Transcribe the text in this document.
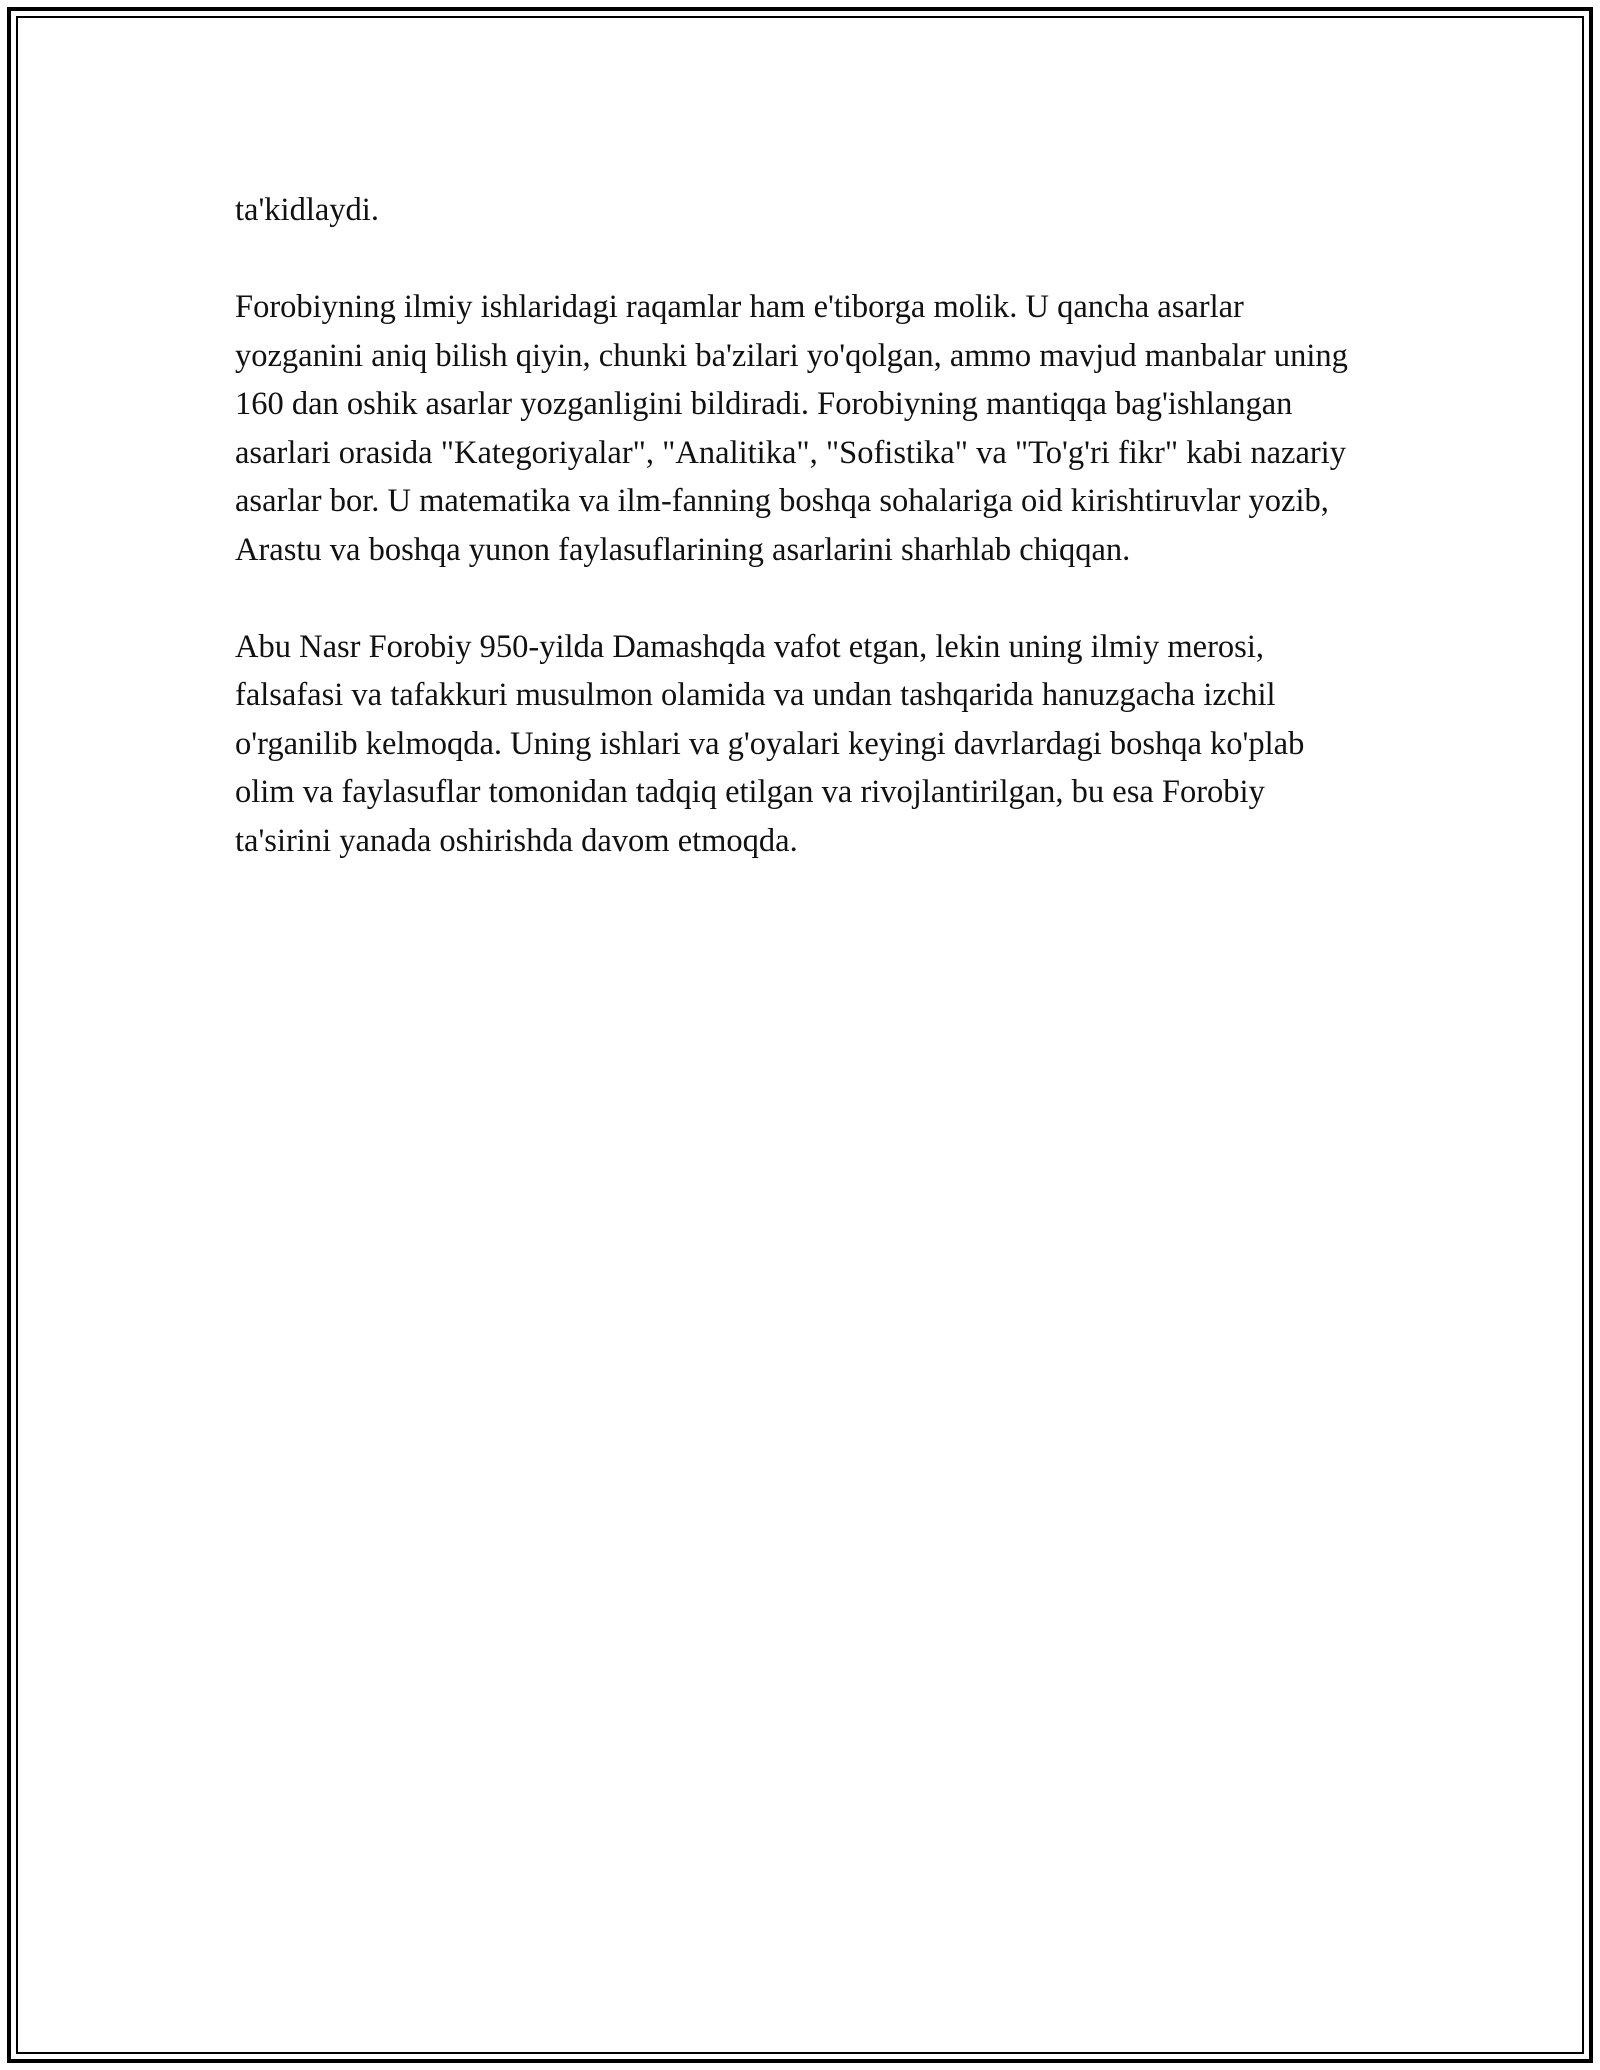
ta'kidlaydi.

Forobiyning ilmiy ishlaridagi raqamlar ham e'tiborga molik. U qancha asarlar yozganini aniq bilish qiyin, chunki ba'zilari yo'qolgan, ammo mavjud manbalar uning 160 dan oshik asarlar yozganligini bildiradi. Forobiyning mantiqqa bag'ishlangan asarlari orasida "Kategoriyalar", "Analitika", "Sofistika" va "To'g'ri fikr" kabi nazariy asarlar bor. U matematika va ilm-fanning boshqa sohalariga oid kirishtiruvlar yozib, Arastu va boshqa yunon faylasuflarining asarlarini sharhlab chiqqan.

Abu Nasr Forobiy 950-yilda Damashqda vafot etgan, lekin uning ilmiy merosi, falsafasi va tafakkuri musulmon olamida va undan tashqarida hanuzgacha izchil o'rganilib kelmoqda. Uning ishlari va g'oyalari keyingi davrlardagi boshqa ko'plab olim va faylasuflar tomonidan tadqiq etilgan va rivojlantirilgan, bu esa Forobiy ta'sirini yanada oshirishda davom etmoqda.
